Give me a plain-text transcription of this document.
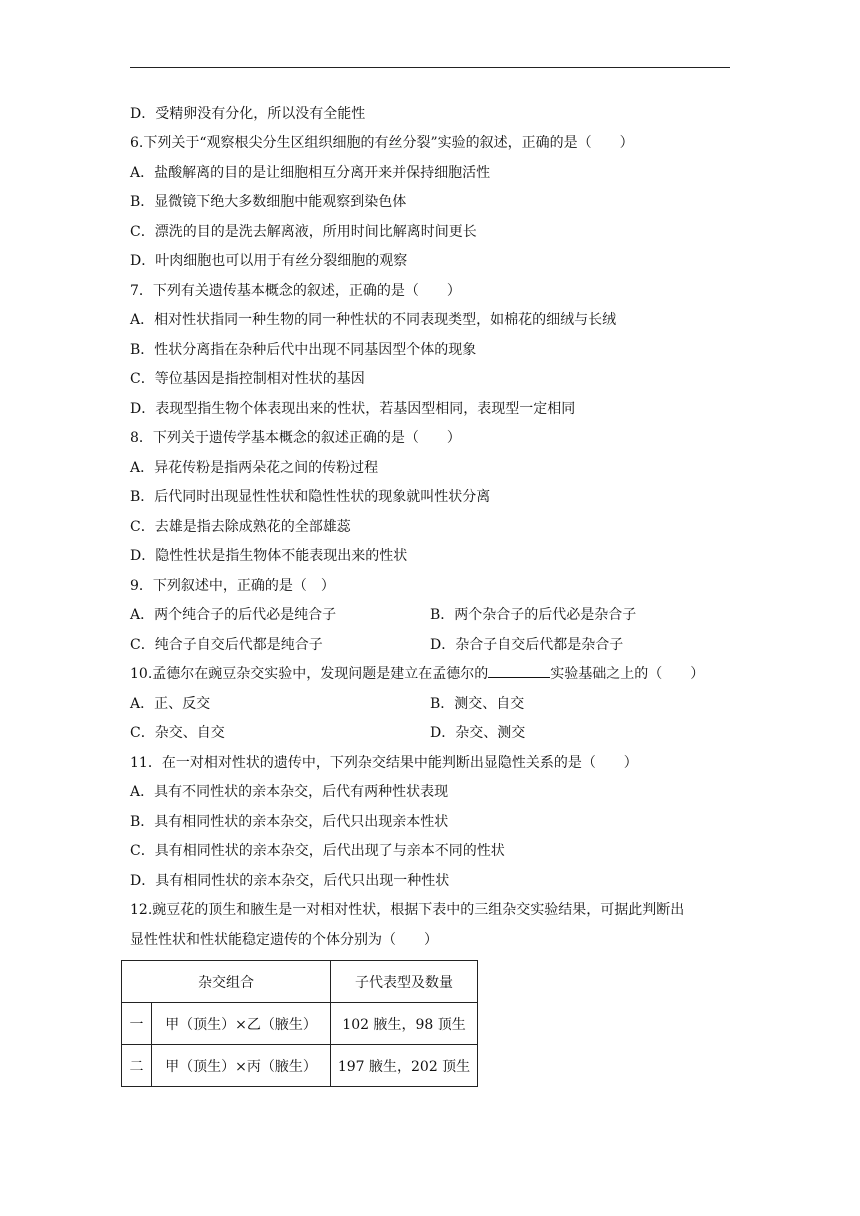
D．受精卵没有分化，所以没有全能性
6.下列关于“观察根尖分生区组织细胞的有丝分裂”实验的叙述，正确的是（　　）
A．盐酸解离的目的是让细胞相互分离开来并保持细胞活性
B．显微镜下绝大多数细胞中能观察到染色体
C．漂洗的目的是洗去解离液，所用时间比解离时间更长
D．叶肉细胞也可以用于有丝分裂细胞的观察
7．下列有关遗传基本概念的叙述，正确的是（　　）
A．相对性状指同一种生物的同一种性状的不同表现类型，如棉花的细绒与长绒
B．性状分离指在杂种后代中出现不同基因型个体的现象
C．等位基因是指控制相对性状的基因
D．表现型指生物个体表现出来的性状，若基因型相同，表现型一定相同
8．下列关于遗传学基本概念的叙述正确的是（　　）
A．异花传粉是指两朵花之间的传粉过程
B．后代同时出现显性性状和隐性性状的现象就叫性状分离
C．去雄是指去除成熟花的全部雄蕊
D．隐性性状是指生物体不能表现出来的性状
9．下列叙述中，正确的是（　）
A．两个纯合子的后代必是纯合子	B．两个杂合子的后代必是杂合子
C．纯合子自交后代都是纯合子	D．杂合子自交后代都是杂合子
10.孟德尔在豌豆杂交实验中，发现问题是建立在孟德尔的	实验基础之上的（　　）
A．正、反交	B．测交、自交
C．杂交、自交	D．杂交、测交
11．在一对相对性状的遗传中，下列杂交结果中能判断出显隐性关系的是（　　）
A．具有不同性状的亲本杂交，后代有两种性状表现
B．具有相同性状的亲本杂交，后代只出现亲本性状
C．具有相同性状的亲本杂交，后代出现了与亲本不同的性状
D．具有相同性状的亲本杂交，后代只出现一种性状
12.豌豆花的顶生和腋生是一对相对性状，根据下表中的三组杂交实验结果，可据此判断出
显性性状和性状能稳定遗传的个体分别为（　　）
杂交组合		子代表型及数量
一	甲（顶生）×乙（腋生）	102 腋生，98 顶生
二	甲（顶生）×丙（腋生）	197 腋生，202 顶生
